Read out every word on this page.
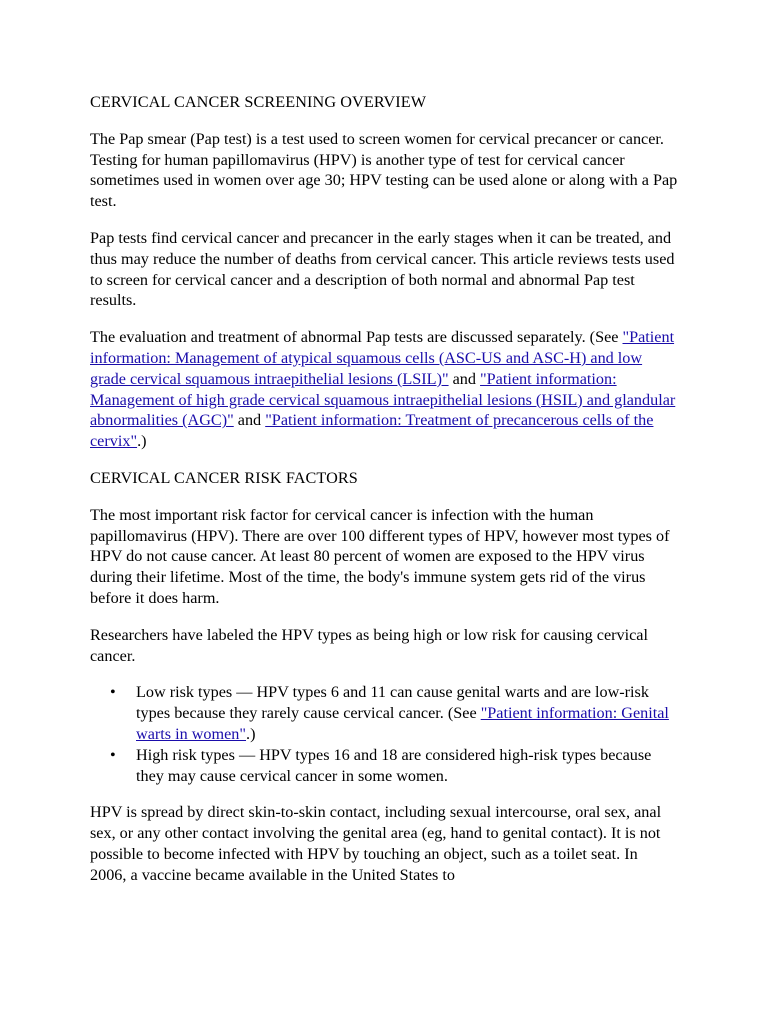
CERVICAL CANCER SCREENING OVERVIEW

The Pap smear (Pap test) is a test used to screen women for cervical precancer or cancer. Testing for human papillomavirus (HPV) is another type of test for cervical cancer sometimes used in women over age 30; HPV testing can be used alone or along with a Pap test.

Pap tests find cervical cancer and precancer in the early stages when it can be treated, and thus may reduce the number of deaths from cervical cancer. This article reviews tests used to screen for cervical cancer and a description of both normal and abnormal Pap test results.

The evaluation and treatment of abnormal Pap tests are discussed separately. (See "Patient information: Management of atypical squamous cells (ASC-US and ASC-H) and low grade cervical squamous intraepithelial lesions (LSIL)" and "Patient information: Management of high grade cervical squamous intraepithelial lesions (HSIL) and glandular abnormalities (AGC)" and "Patient information: Treatment of precancerous cells of the cervix".)

CERVICAL CANCER RISK FACTORS

The most important risk factor for cervical cancer is infection with the human papillomavirus (HPV). There are over 100 different types of HPV, however most types of HPV do not cause cancer. At least 80 percent of women are exposed to the HPV virus during their lifetime. Most of the time, the body's immune system gets rid of the virus before it does harm.

Researchers have labeled the HPV types as being high or low risk for causing cervical cancer.

• Low risk types — HPV types 6 and 11 can cause genital warts and are low-risk types because they rarely cause cervical cancer. (See "Patient information: Genital warts in women".)
• High risk types — HPV types 16 and 18 are considered high-risk types because they may cause cervical cancer in some women.

HPV is spread by direct skin-to-skin contact, including sexual intercourse, oral sex, anal sex, or any other contact involving the genital area (eg, hand to genital contact). It is not possible to become infected with HPV by touching an object, such as a toilet seat. In 2006, a vaccine became available in the United States to
